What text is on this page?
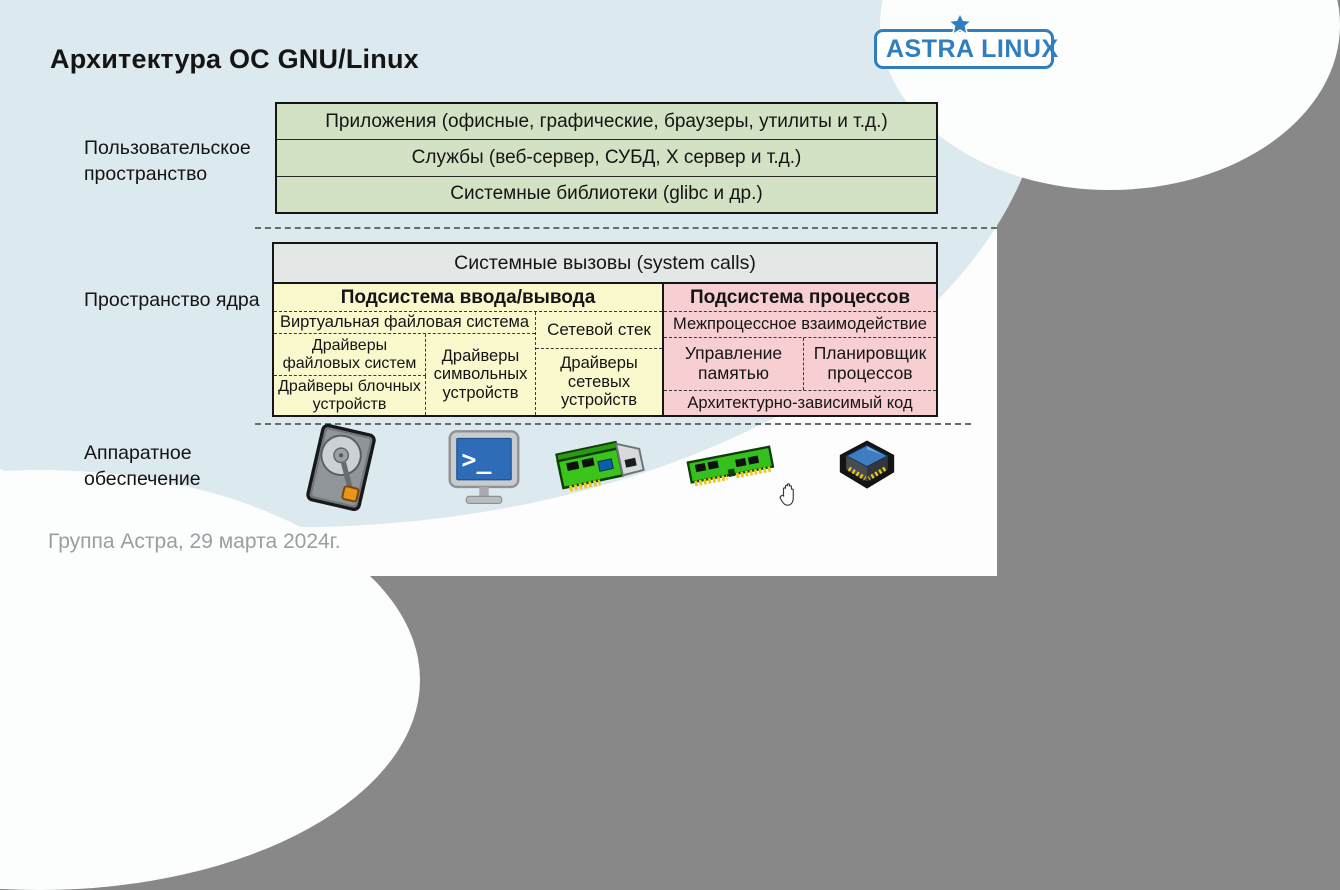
Архитектура ОС GNU/Linux	ASTRA LINUX
Пользовательское пространство
Пространство ядра
Аппаратное обеспечение
Приложения (офисные, графические, браузеры, утилиты и т.д.)
Службы (веб-сервер, СУБД, X сервер и т.д.)
Системные библиотеки (glibc и др.)
Системные вызовы (system calls)
Подсистема ввода/вывода
Виртуальная файловая система	Сетевой стек
Драйверы сетевых устройств
Драйверы файловых систем
Драйверы блочных устройств
Драйверы символьных устройств
Подсистема процессов
Межпроцессное взаимодействие
Управление памятью
Планировщик процессов
Архитектурно-зависимый код
>_
Группа Астра, 29 марта 2024г.
